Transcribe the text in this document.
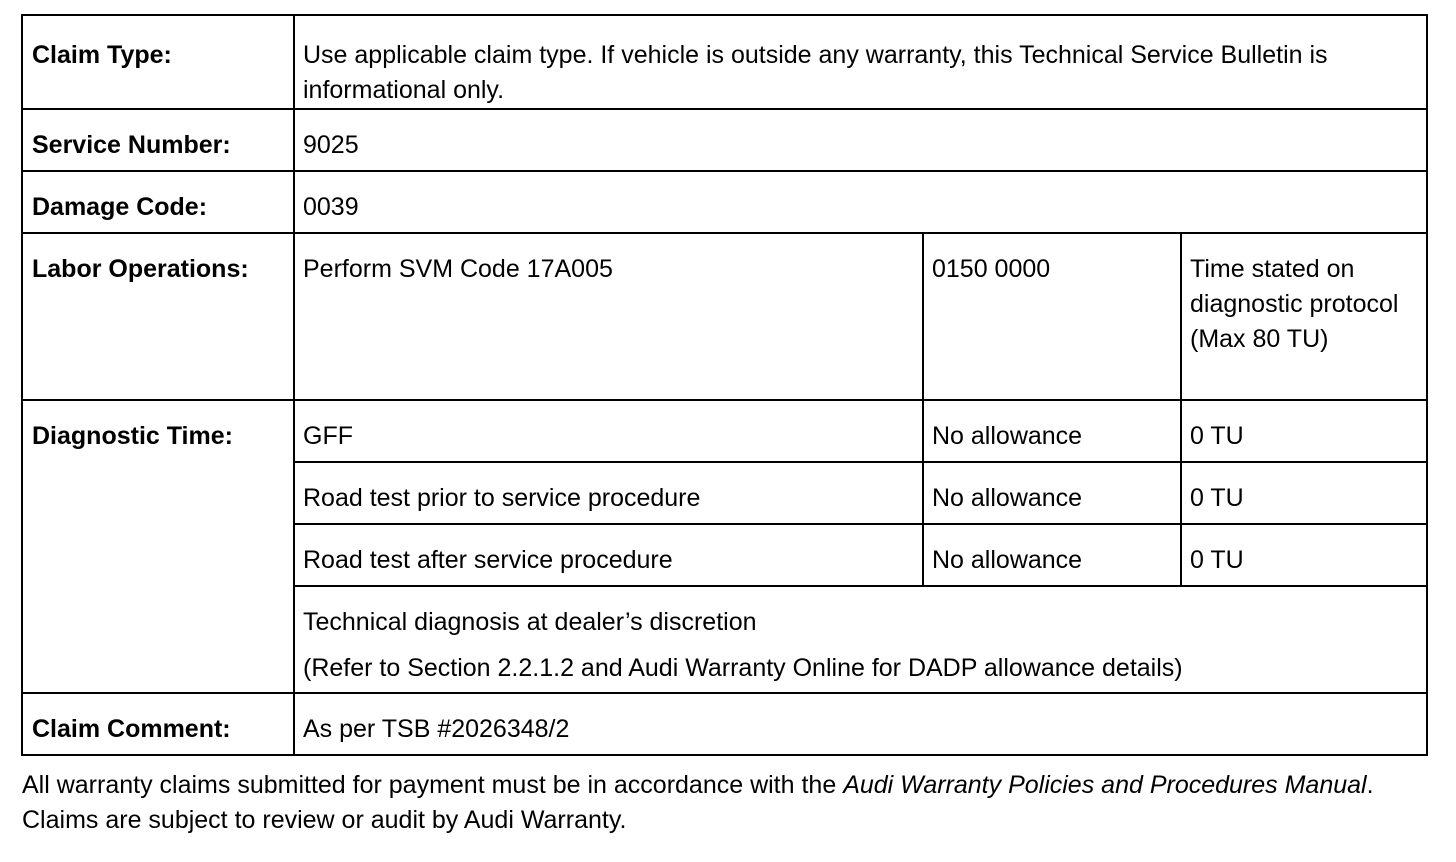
Claim Type:	Use applicable claim type. If vehicle is outside any warranty, this Technical Service Bulletin is informational only.		
Service Number:	9025		
Damage Code:	0039		
Labor Operations:	Perform SVM Code 17A005	0150 0000	Time stated on diagnostic protocol (Max 80 TU)
Diagnostic Time:	GFF	No allowance	0 TU
	Road test prior to service procedure	No allowance	0 TU
	Road test after service procedure	No allowance	0 TU

	Technical diagnosis at dealer’s discretion
(Refer to Section 2.2.1.2 and Audi Warranty Online for DADP allowance details)		

Claim Comment:	As per TSB #2026348/2		
All warranty claims submitted for payment must be in accordance with the Audi Warranty Policies and Procedures Manual. Claims are subject to review or audit by Audi Warranty.
